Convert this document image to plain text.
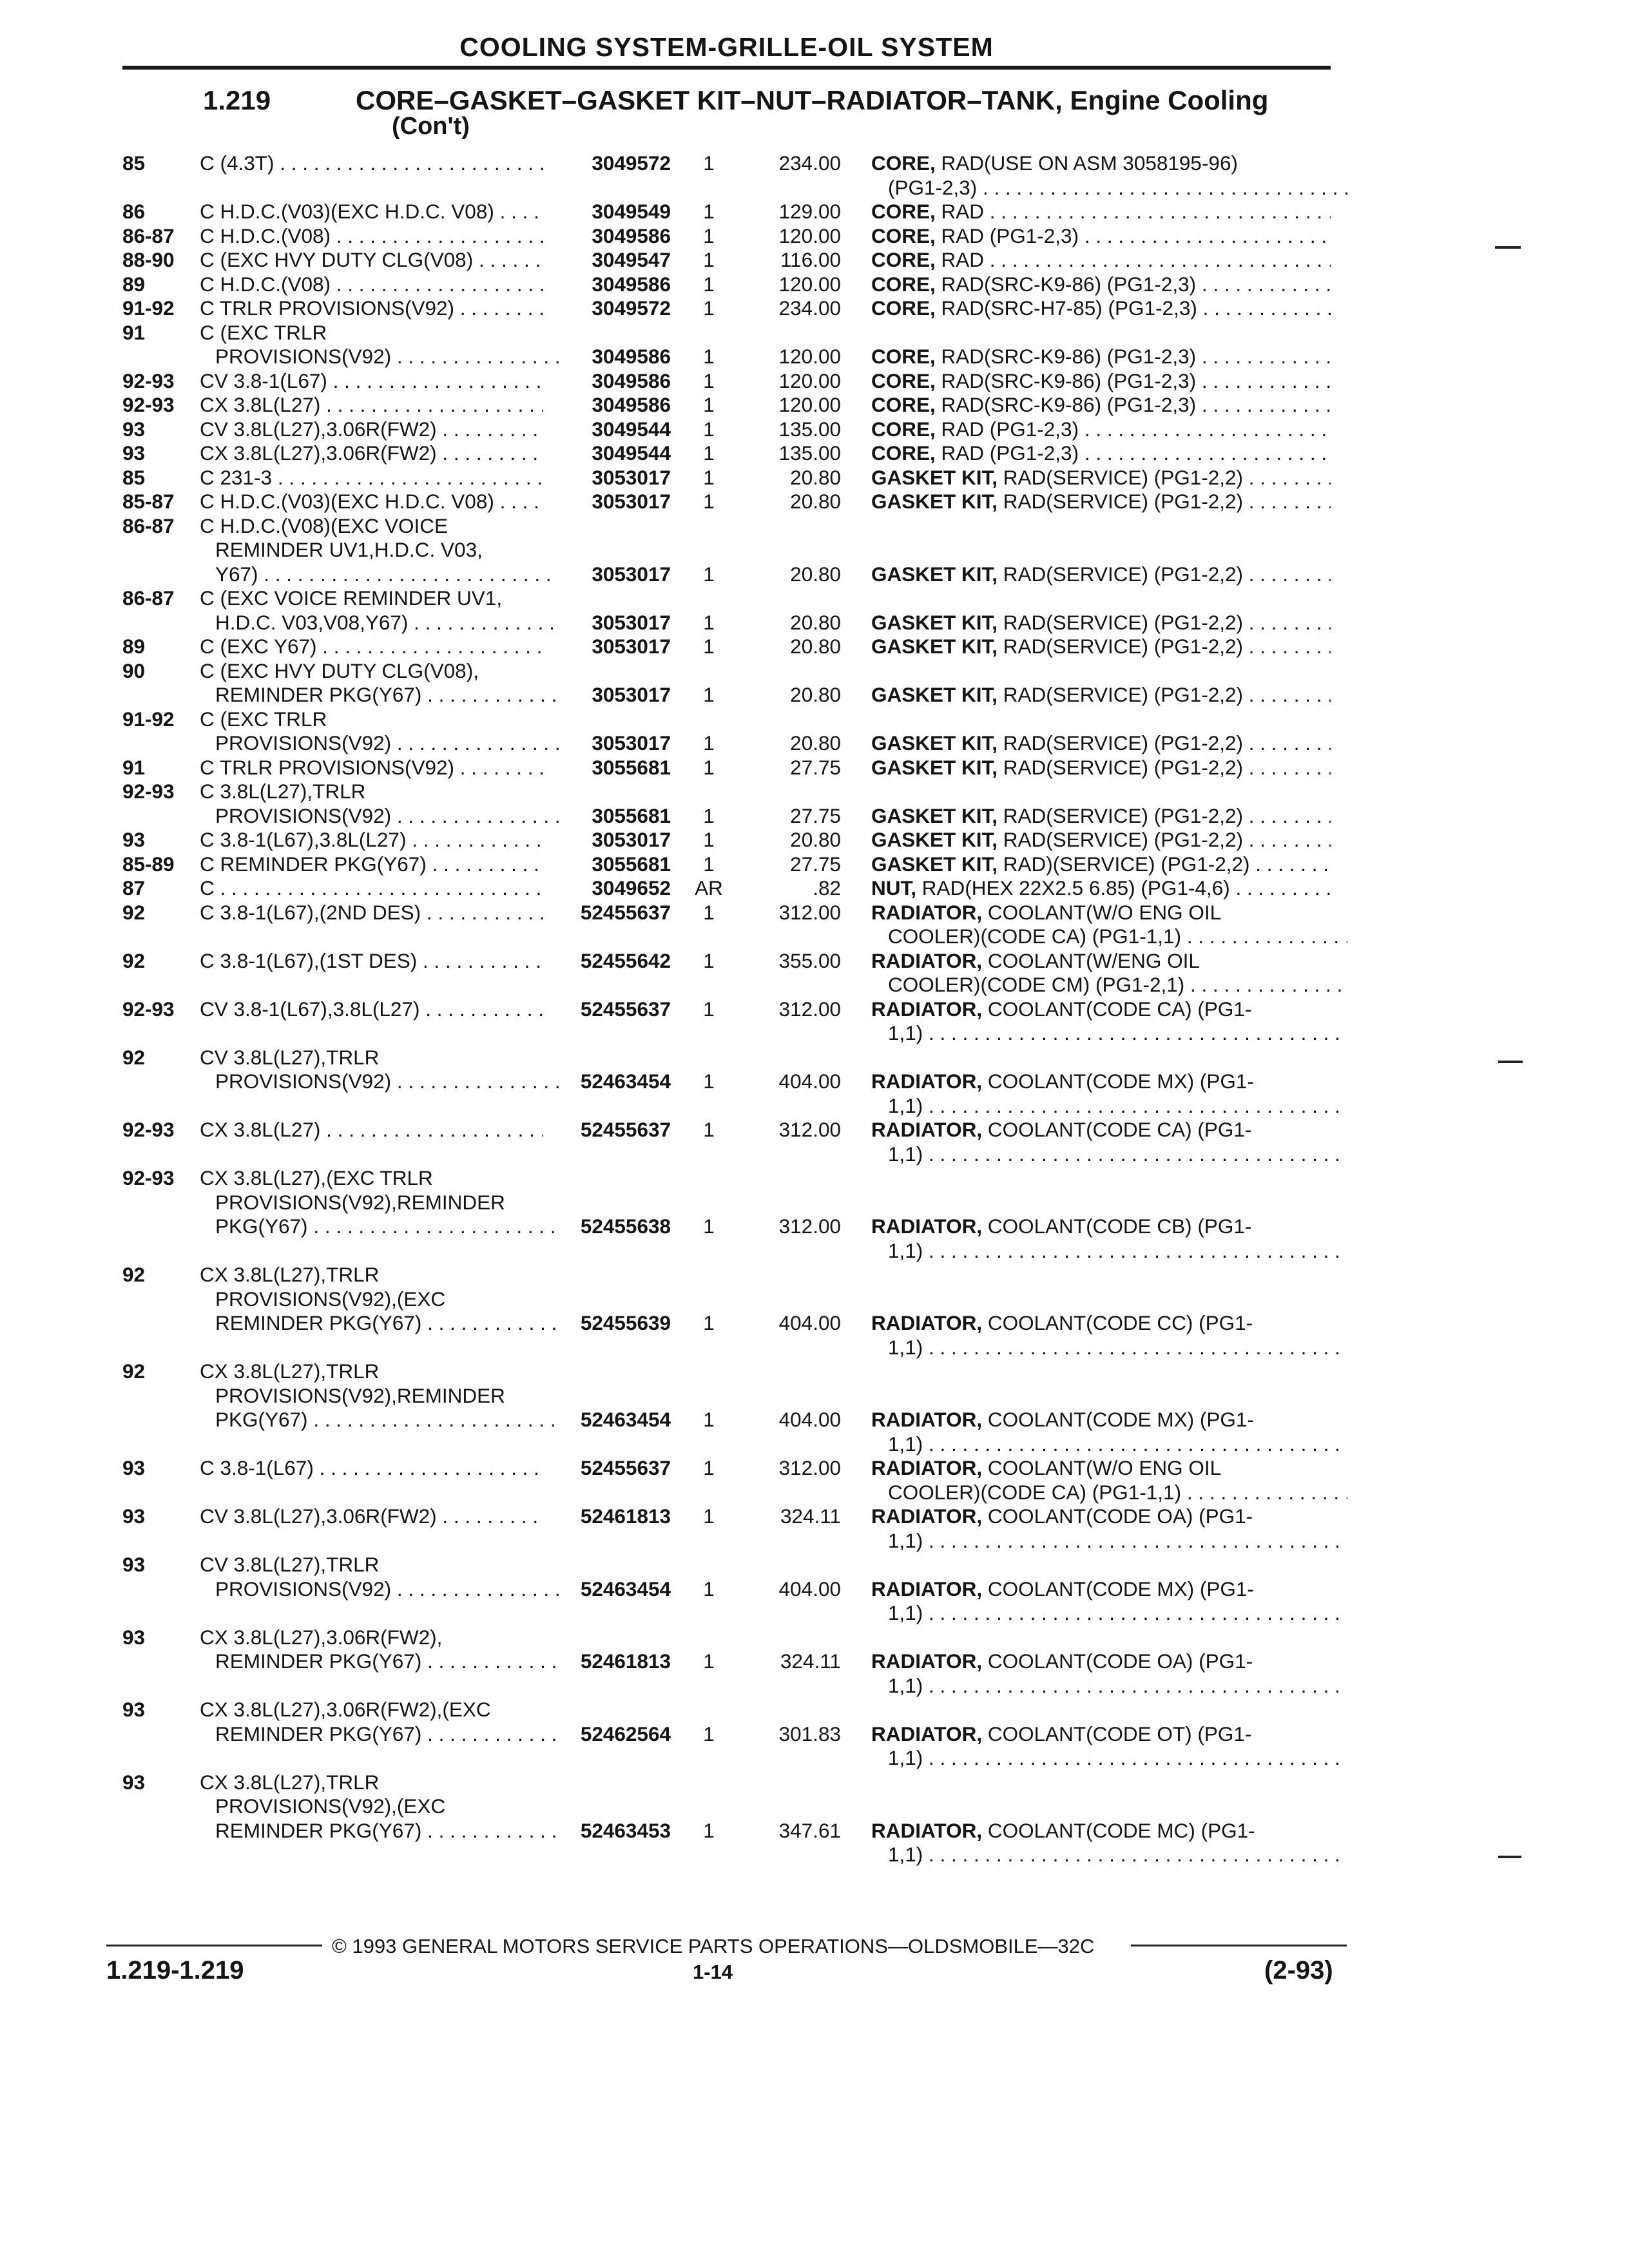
COOLING SYSTEM-GRILLE-OIL SYSTEM
1.219	CORE–GASKET–GASKET KIT–NUT–RADIATOR–TANK, Engine Cooling
(Con't)
85	C (4.3T) . . .	3049572	1	234.00 CORE, RAD(USE ON ASM 3058195-96)
(PG1-2,3) . . .
86	C H.D.C.(V03)(EXC H.D.C. V08) . . .	3049549	1	129.00 CORE, RAD . . .
86-87 C H.D.C.(V08) . . .	3049586	1	120.00 CORE, RAD (PG1-2,3) . . .
88-90 C (EXC HVY DUTY CLG(V08) . . .	3049547	1	116.00 CORE, RAD . . .
89	C H.D.C.(V08) . . .	3049586	1	120.00 CORE, RAD(SRC-K9-86) (PG1-2,3) . . .
91-92 C TRLR PROVISIONS(V92) . . .	3049572	1	234.00 CORE, RAD(SRC-H7-85) (PG1-2,3) . . .
91	C (EXC TRLR
PROVISIONS(V92) . . .	3049586	1	120.00 CORE, RAD(SRC-K9-86) (PG1-2,3) . . .
92-93 CV 3.8-1(L67) . . .	3049586	1	120.00 CORE, RAD(SRC-K9-86) (PG1-2,3) . . .
92-93 CX 3.8L(L27) . . .	3049586	1	120.00 CORE, RAD(SRC-K9-86) (PG1-2,3) . . .
93	CV 3.8L(L27),3.06R(FW2) . . .	3049544	1	135.00 CORE, RAD (PG1-2,3) . . .
93	CX 3.8L(L27),3.06R(FW2) . . .	3049544	1	135.00 CORE, RAD (PG1-2,3) . . .
85	C 231-3 . . .	3053017	1	20.80 GASKET KIT, RAD(SERVICE) (PG1-2,2) . . .
85-87 C H.D.C.(V03)(EXC H.D.C. V08) . . .	3053017	1	20.80 GASKET KIT, RAD(SERVICE) (PG1-2,2) . . .
86-87 C H.D.C.(V08)(EXC VOICE
REMINDER UV1,H.D.C. V03,
Y67) . . .	3053017	1	20.80 GASKET KIT, RAD(SERVICE) (PG1-2,2) . . .
86-87 C (EXC VOICE REMINDER UV1,
H.D.C. V03,V08,Y67) . . .	3053017	1	20.80 GASKET KIT, RAD(SERVICE) (PG1-2,2) . . .
89	C (EXC Y67) . . .	3053017	1	20.80 GASKET KIT, RAD(SERVICE) (PG1-2,2) . . .
90	C (EXC HVY DUTY CLG(V08),
REMINDER PKG(Y67) . . .	3053017	1	20.80 GASKET KIT, RAD(SERVICE) (PG1-2,2) . . .
91-92 C (EXC TRLR
PROVISIONS(V92) . . .	3053017	1	20.80 GASKET KIT, RAD(SERVICE) (PG1-2,2) . . .
91	C TRLR PROVISIONS(V92) . . .	3055681	1	27.75 GASKET KIT, RAD(SERVICE) (PG1-2,2) . . .
92-93 C 3.8L(L27),TRLR
PROVISIONS(V92) . . .	3055681	1	27.75 GASKET KIT, RAD(SERVICE) (PG1-2,2) . . .
93	C 3.8-1(L67),3.8L(L27) . . .	3053017	1	20.80 GASKET KIT, RAD(SERVICE) (PG1-2,2) . . .
85-89 C REMINDER PKG(Y67) . . .	3055681	1	27.75 GASKET KIT, RAD)(SERVICE) (PG1-2,2) . . .
87	C . . .	3049652	AR	.82 NUT, RAD(HEX 22X2.5 6.85) (PG1-4,6) . . .
92	C 3.8-1(L67),(2ND DES) . . .	52455637	1	312.00 RADIATOR, COOLANT(W/O ENG OIL
COOLER)(CODE CA) (PG1-1,1) . . .
92	C 3.8-1(L67),(1ST DES) . . .	52455642	1	355.00 RADIATOR, COOLANT(W/ENG OIL
COOLER)(CODE CM) (PG1-2,1) . . .
92-93 CV 3.8-1(L67),3.8L(L27) . . .	52455637	1	312.00 RADIATOR, COOLANT(CODE CA) (PG1-
1,1) . . .
92	CV 3.8L(L27),TRLR
PROVISIONS(V92) . . .	52463454	1	404.00 RADIATOR, COOLANT(CODE MX) (PG1-
1,1) . . .
92-93 CX 3.8L(L27) . . .	52455637	1	312.00 RADIATOR, COOLANT(CODE CA) (PG1-
1,1) . . .
92-93 CX 3.8L(L27),(EXC TRLR
PROVISIONS(V92),REMINDER
PKG(Y67) . . .	52455638	1	312.00 RADIATOR, COOLANT(CODE CB) (PG1-
1,1) . . .
92	CX 3.8L(L27),TRLR
PROVISIONS(V92),(EXC
REMINDER PKG(Y67) . . .	52455639	1	404.00 RADIATOR, COOLANT(CODE CC) (PG1-
1,1) . . .
92	CX 3.8L(L27),TRLR
PROVISIONS(V92),REMINDER
PKG(Y67) . . .	52463454	1	404.00 RADIATOR, COOLANT(CODE MX) (PG1-
1,1) . . .
93	C 3.8-1(L67) . . .	52455637	1	312.00 RADIATOR, COOLANT(W/O ENG OIL
COOLER)(CODE CA) (PG1-1,1) . . .
93	CV 3.8L(L27),3.06R(FW2) . . .	52461813	1	324.11 RADIATOR, COOLANT(CODE OA) (PG1-
1,1) . . .
93	CV 3.8L(L27),TRLR
PROVISIONS(V92) . . .	52463454	1	404.00 RADIATOR, COOLANT(CODE MX) (PG1-
1,1) . . .
93	CX 3.8L(L27),3.06R(FW2),
REMINDER PKG(Y67) . . .	52461813	1	324.11 RADIATOR, COOLANT(CODE OA) (PG1-
1,1) . . .
93	CX 3.8L(L27),3.06R(FW2),(EXC
REMINDER PKG(Y67) . . .	52462564	1	301.83 RADIATOR, COOLANT(CODE OT) (PG1-
1,1) . . .
93	CX 3.8L(L27),TRLR
PROVISIONS(V92),(EXC
REMINDER PKG(Y67) . . .	52463453	1	347.61 RADIATOR, COOLANT(CODE MC) (PG1-
1,1) . . .
© 1993 GENERAL MOTORS SERVICE PARTS OPERATIONS—OLDSMOBILE—32C
1.219-1.219	1-14	(2-93)
